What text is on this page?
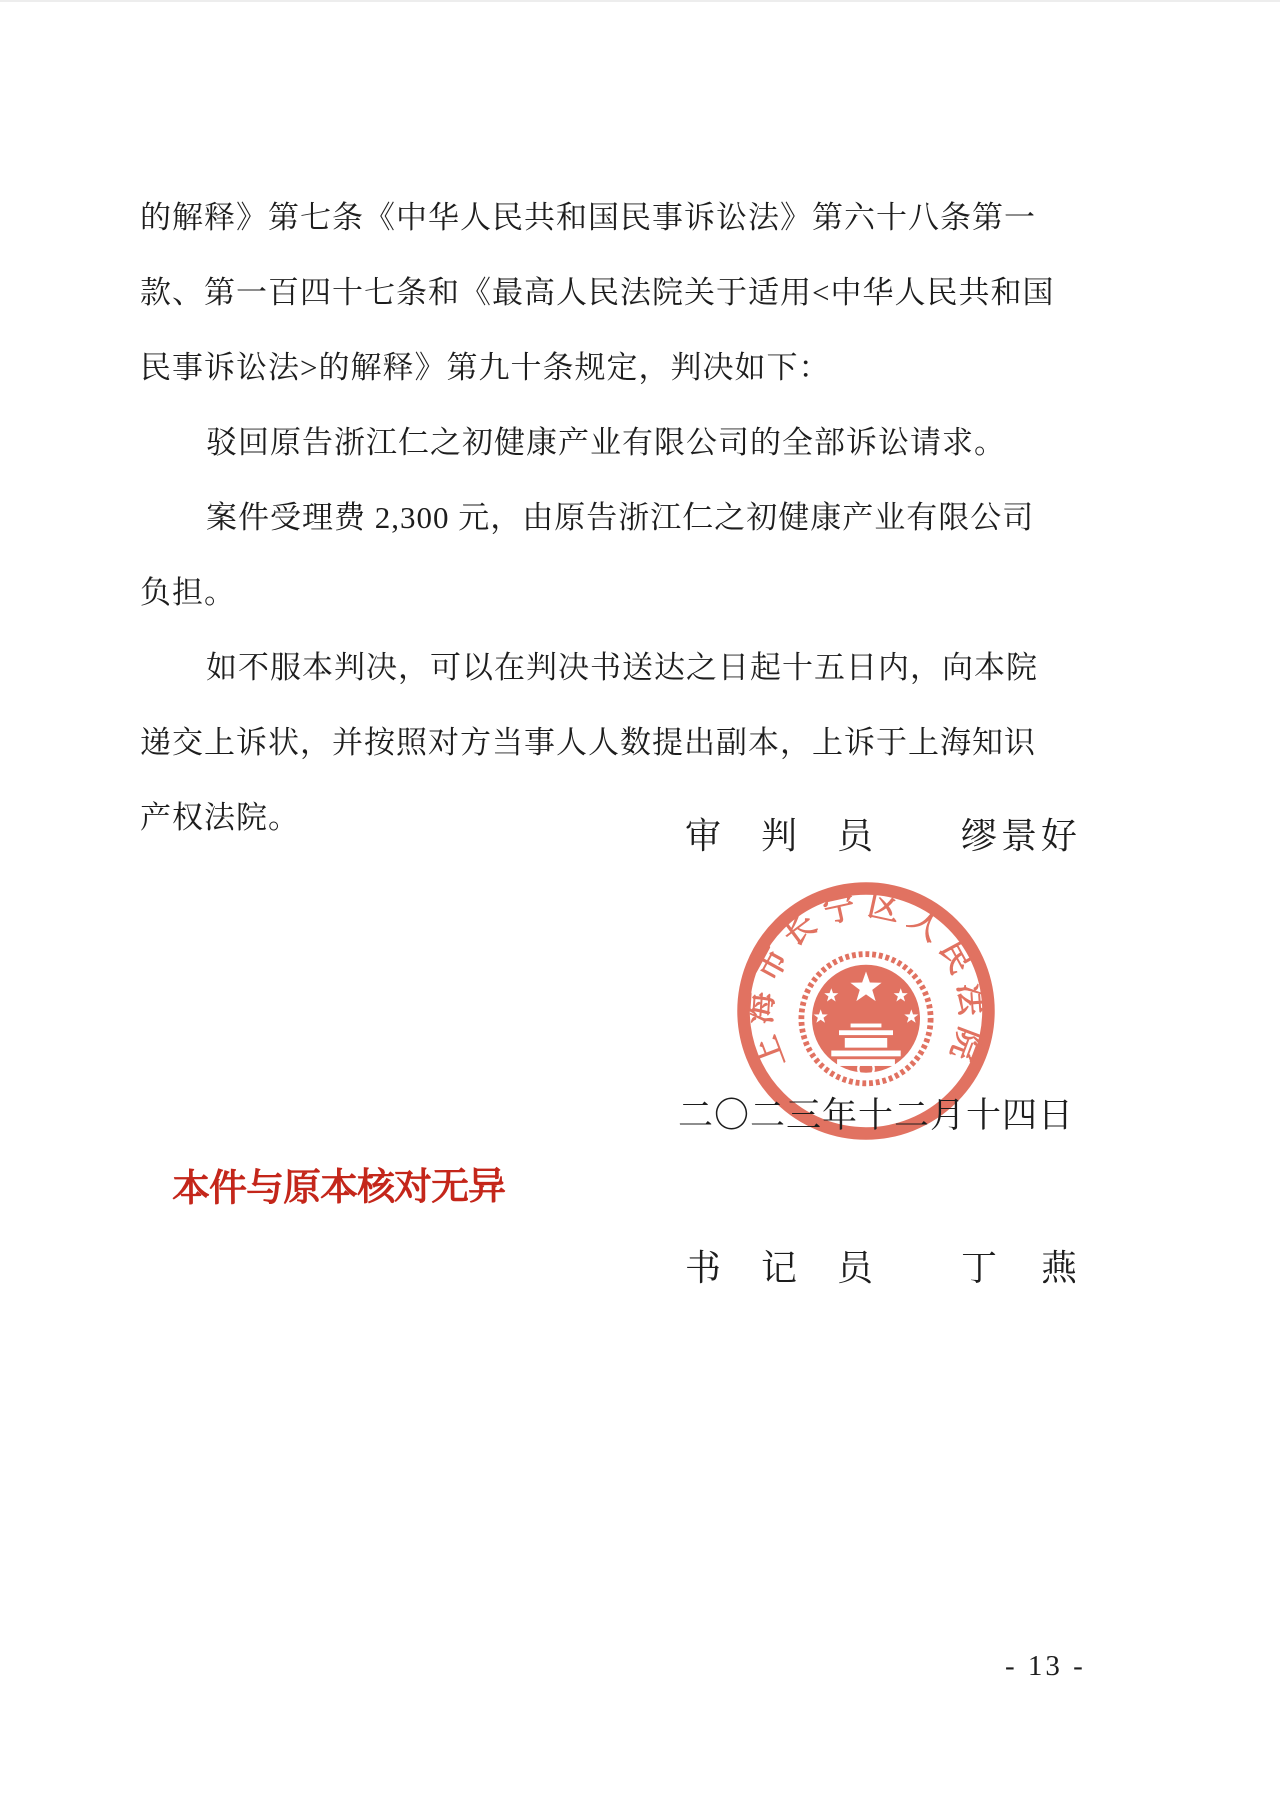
的解释》第七条《中华人民共和国民事诉讼法》第六十八条第一
款、第一百四十七条和《最高人民法院关于适用<中华人民共和国
民事诉讼法>的解释》第九十条规定，判决如下：
驳回原告浙江仁之初健康产业有限公司的全部诉讼请求。
案件受理费 2,300 元，由原告浙江仁之初健康产业有限公司
负担。
如不服本判决，可以在判决书送达之日起十五日内，向本院
递交上诉状，并按照对方当事人人数提出副本，上诉于上海知识
产权法院。	审　判　员 缪景好
上海市长宁区人民法院
二〇二三年十二月十四日
本件与原本核对无异
书　记　员 丁　燕
- 13 -
